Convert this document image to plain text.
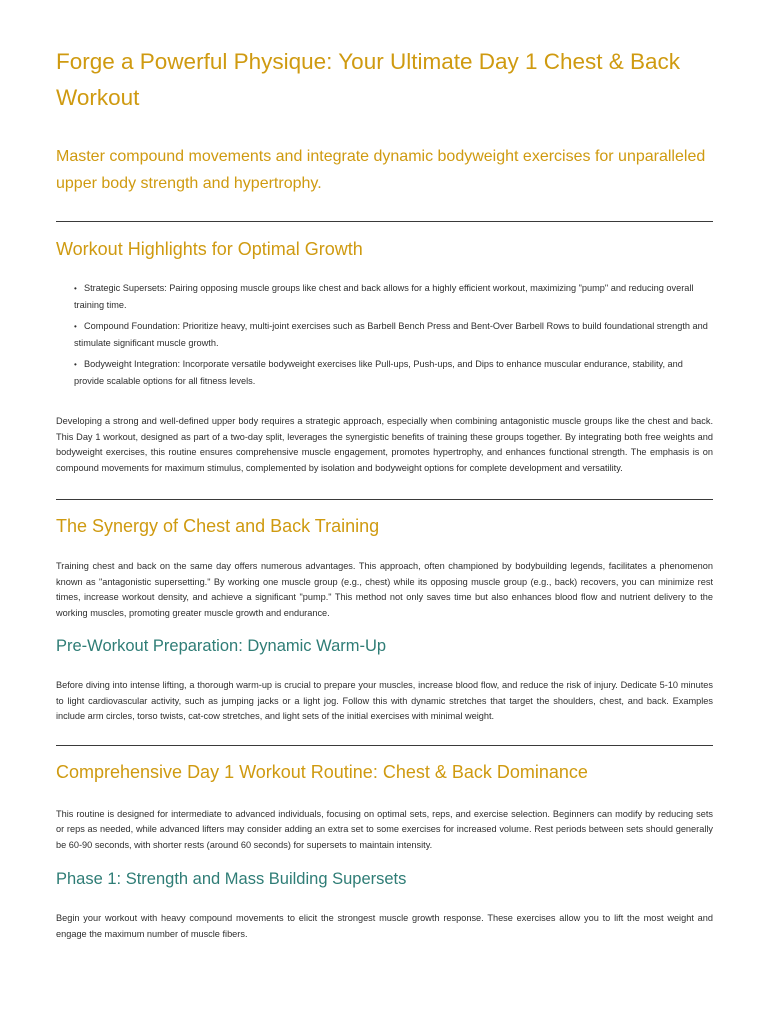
Forge a Powerful Physique: Your Ultimate Day 1 Chest & Back Workout

Master compound movements and integrate dynamic bodyweight exercises for unparalleled upper body strength and hypertrophy.

Workout Highlights for Optimal Growth
• Strategic Supersets: Pairing opposing muscle groups like chest and back allows for a highly efficient workout, maximizing "pump" and reducing overall training time.
• Compound Foundation: Prioritize heavy, multi-joint exercises such as Barbell Bench Press and Bent-Over Barbell Rows to build foundational strength and stimulate significant muscle growth.
• Bodyweight Integration: Incorporate versatile bodyweight exercises like Pull-ups, Push-ups, and Dips to enhance muscular endurance, stability, and provide scalable options for all fitness levels.

Developing a strong and well-defined upper body requires a strategic approach, especially when combining antagonistic muscle groups like the chest and back. This Day 1 workout, designed as part of a two-day split, leverages the synergistic benefits of training these groups together. By integrating both free weights and bodyweight exercises, this routine ensures comprehensive muscle engagement, promotes hypertrophy, and enhances functional strength. The emphasis is on compound movements for maximum stimulus, complemented by isolation and bodyweight options for complete development and versatility.

The Synergy of Chest and Back Training

Training chest and back on the same day offers numerous advantages. This approach, often championed by bodybuilding legends, facilitates a phenomenon known as "antagonistic supersetting." By working one muscle group (e.g., chest) while its opposing muscle group (e.g., back) recovers, you can minimize rest times, increase workout density, and achieve a significant "pump." This method not only saves time but also enhances blood flow and nutrient delivery to the working muscles, promoting greater muscle growth and endurance.

Pre-Workout Preparation: Dynamic Warm-Up

Before diving into intense lifting, a thorough warm-up is crucial to prepare your muscles, increase blood flow, and reduce the risk of injury. Dedicate 5-10 minutes to light cardiovascular activity, such as jumping jacks or a light jog. Follow this with dynamic stretches that target the shoulders, chest, and back. Examples include arm circles, torso twists, cat-cow stretches, and light sets of the initial exercises with minimal weight.

Comprehensive Day 1 Workout Routine: Chest & Back Dominance

This routine is designed for intermediate to advanced individuals, focusing on optimal sets, reps, and exercise selection. Beginners can modify by reducing sets or reps as needed, while advanced lifters may consider adding an extra set to some exercises for increased volume. Rest periods between sets should generally be 60-90 seconds, with shorter rests (around 60 seconds) for supersets to maintain intensity.

Phase 1: Strength and Mass Building Supersets

Begin your workout with heavy compound movements to elicit the strongest muscle growth response. These exercises allow you to lift the most weight and engage the maximum number of muscle fibers.
